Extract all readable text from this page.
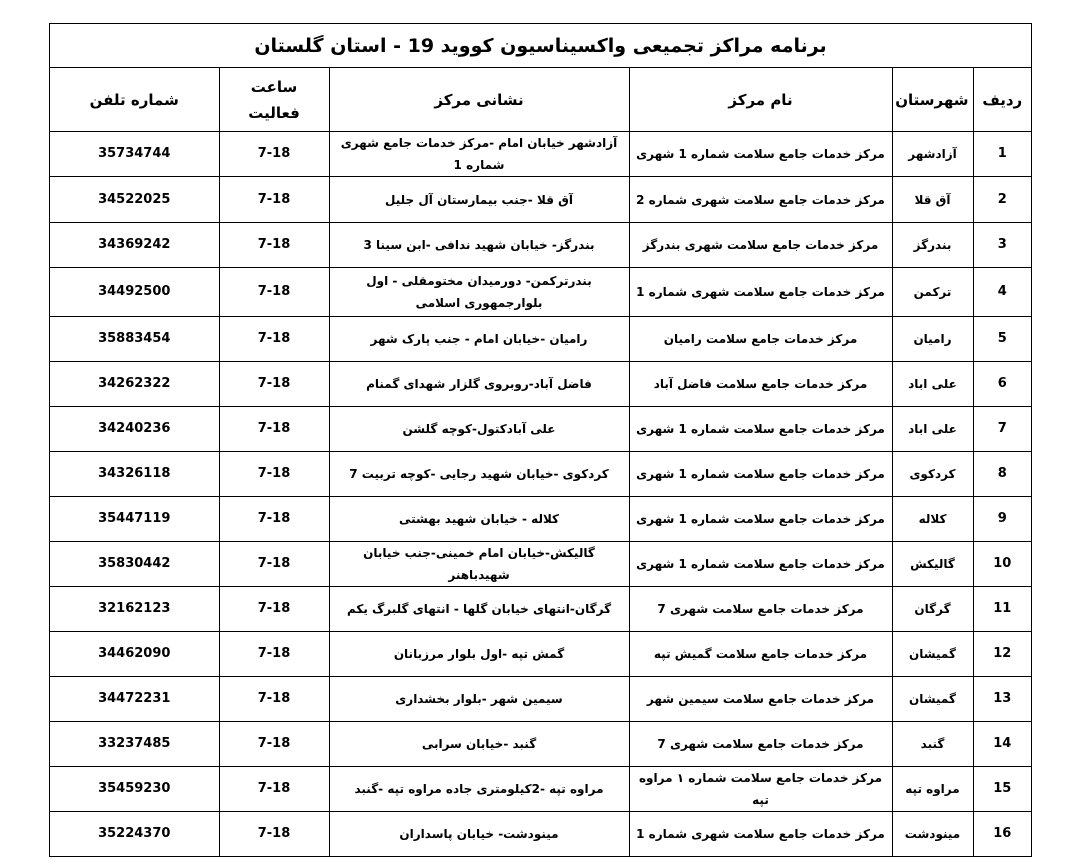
برنامه مراکز تجمیعی واکسیناسیون کووید 19 - استان گلستان
ردیف	شهرستان	نام مرکز	نشانی مرکز	ساعت فعالیت	شماره تلفن
1	آزادشهر	مرکز خدمات جامع سلامت شماره 1 شهری	آزادشهر خیابان امام -مرکز خدمات جامع شهری شماره 1	7-18	35734744
2	آق قلا	مرکز خدمات جامع سلامت شهری شماره 2	آق قلا -جنب بیمارستان آل جلیل	7-18	34522025
3	بندرگز	مرکز خدمات جامع سلامت شهری بندرگز	بندرگز- خیابان شهید ندافی -ابن سینا 3	7-18	34369242
4	ترکمن	مرکز خدمات جامع سلامت شهری شماره 1	بندرترکمن- دورمیدان مختومقلی - اول بلوارجمهوری اسلامی	7-18	34492500
5	رامیان	مرکز خدمات جامع سلامت رامیان	رامیان -خیابان امام - جنب پارک شهر	7-18	35883454
6	علی اباد	مرکز خدمات جامع سلامت فاضل آباد	فاضل آباد-روبروی گلزار شهدای گمنام	7-18	34262322
7	علی اباد	مرکز خدمات جامع سلامت شماره 1 شهری	علی آبادکتول-کوچه گلشن	7-18	34240236
8	کردکوی	مرکز خدمات جامع سلامت شماره 1 شهری	کردکوی -خیابان شهید رجایی -کوچه تربیت 7	7-18	34326118
9	کلاله	مرکز خدمات جامع سلامت شماره 1 شهری	کلاله - خیابان شهید بهشتی	7-18	35447119
10	گالیکش	مرکز خدمات جامع سلامت شماره 1 شهری	گالیکش-خیابان امام خمینی-جنب خیابان شهیدباهنر	7-18	35830442
11	گرگان	مرکز خدمات جامع سلامت شهری 7	گرگان-انتهای خیابان گلها - انتهای گلبرگ یکم	7-18	32162123
12	گمیشان	مرکز خدمات جامع سلامت گمیش تپه	گمش تپه -اول بلوار مرزبانان	7-18	34462090
13	گمیشان	مرکز خدمات جامع سلامت سیمین شهر	سیمین شهر -بلوار بخشداری	7-18	34472231
14	گنبد	مرکز خدمات جامع سلامت شهری 7	گنبد -خیابان سرابی	7-18	33237485
15	مراوه تپه	مرکز خدمات جامع سلامت شماره ۱ مراوه تپه	مراوه تپه -2کیلومتری جاده مراوه تپه -گنبد	7-18	35459230
16	مینودشت	مرکز خدمات جامع سلامت شهری شماره 1	مینودشت- خیابان پاسداران	7-18	35224370
